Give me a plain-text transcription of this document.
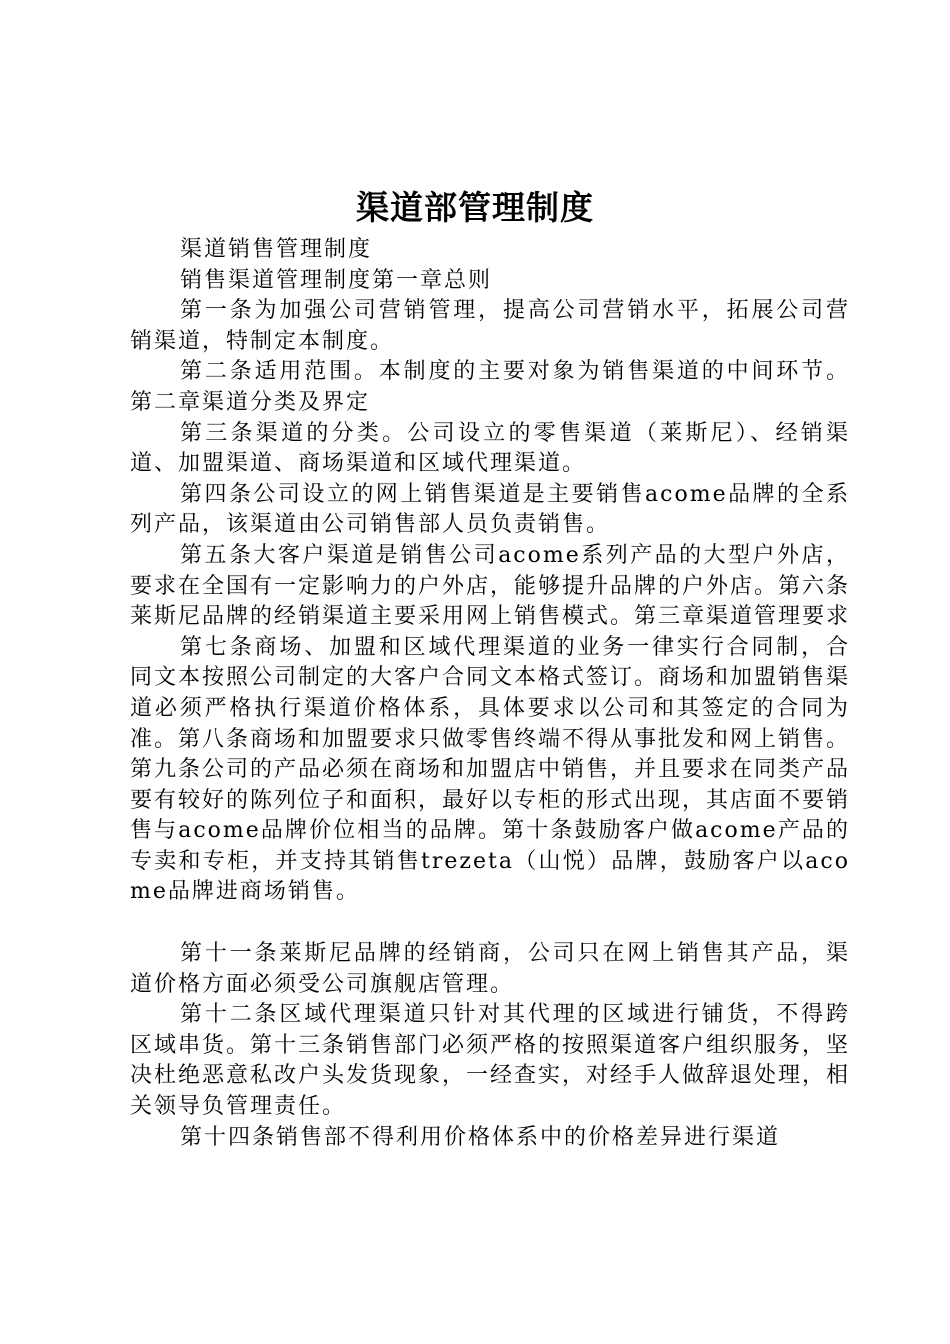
渠道部管理制度

渠道销售管理制度

销售渠道管理制度第一章总则

第一条为加强公司营销管理，提高公司营销水平，拓展公司营销渠道，特制定本制度。

第二条适用范围。本制度的主要对象为销售渠道的中间环节。第二章渠道分类及界定

第三条渠道的分类。公司设立的零售渠道（莱斯尼）、经销渠道、加盟渠道、商场渠道和区域代理渠道。

第四条公司设立的网上销售渠道是主要销售acome品牌的全系列产品，该渠道由公司销售部人员负责销售。

第五条大客户渠道是销售公司acome系列产品的大型户外店，要求在全国有一定影响力的户外店，能够提升品牌的户外店。第六条莱斯尼品牌的经销渠道主要采用网上销售模式。第三章渠道管理要求

第七条商场、加盟和区域代理渠道的业务一律实行合同制，合同文本按照公司制定的大客户合同文本格式签订。商场和加盟销售渠道必须严格执行渠道价格体系，具体要求以公司和其签定的合同为准。第八条商场和加盟要求只做零售终端不得从事批发和网上销售。第九条公司的产品必须在商场和加盟店中销售，并且要求在同类产品要有较好的陈列位子和面积，最好以专柜的形式出现，其店面不要销售与acome品牌价位相当的品牌。第十条鼓励客户做acome产品的专卖和专柜，并支持其销售trezeta（山悦）品牌，鼓励客户以acome品牌进商场销售。

第十一条莱斯尼品牌的经销商，公司只在网上销售其产品，渠道价格方面必须受公司旗舰店管理。

第十二条区域代理渠道只针对其代理的区域进行铺货，不得跨区域串货。第十三条销售部门必须严格的按照渠道客户组织服务，坚决杜绝恶意私改户头发货现象，一经查实，对经手人做辞退处理，相关领导负管理责任。

第十四条销售部不得利用价格体系中的价格差异进行渠道
